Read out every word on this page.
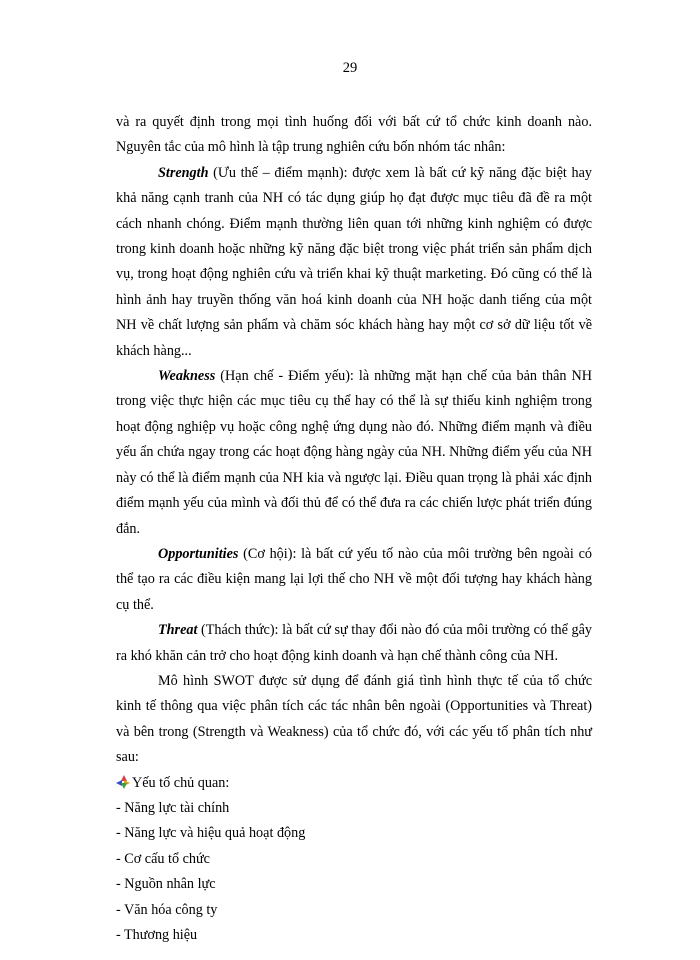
29

và ra quyết định trong mọi tình huống đối với bất cứ tổ chức kinh doanh nào. Nguyên tắc của mô hình là tập trung nghiên cứu bốn nhóm tác nhân:

Strength (Ưu thế – điểm mạnh): được xem là bất cứ kỹ năng đặc biệt hay khả năng cạnh tranh của NH có tác dụng giúp họ đạt được mục tiêu đã đề ra một cách nhanh chóng. Điểm mạnh thường liên quan tới những kinh nghiệm có được trong kinh doanh hoặc những kỹ năng đặc biệt trong việc phát triển sản phẩm dịch vụ, trong hoạt động nghiên cứu và triển khai kỹ thuật marketing. Đó cũng có thể là hình ảnh hay truyền thống văn hoá kinh doanh của NH hoặc danh tiếng của một NH về chất lượng sản phẩm và chăm sóc khách hàng hay một cơ sở dữ liệu tốt về khách hàng...

Weakness (Hạn chế - Điểm yếu): là những mặt hạn chế của bản thân NH trong việc thực hiện các mục tiêu cụ thể hay có thể là sự thiếu kinh nghiệm trong hoạt động nghiệp vụ hoặc công nghệ ứng dụng nào đó. Những điểm mạnh và điều yếu ẩn chứa ngay trong các hoạt động hàng ngày của NH. Những điểm yếu của NH này có thể là điểm mạnh của NH kia và ngược lại. Điều quan trọng là phải xác định điểm mạnh yếu của mình và đối thủ để có thể đưa ra các chiến lược phát triển đúng đắn.

Opportunities (Cơ hội): là bất cứ yếu tố nào của môi trường bên ngoài có thể tạo ra các điều kiện mang lại lợi thế cho NH về một đối tượng hay khách hàng cụ thể.

Threat (Thách thức): là bất cứ sự thay đổi nào đó của môi trường có thể gây ra khó khăn cản trở cho hoạt động kinh doanh và hạn chế thành công của NH.

Mô hình SWOT được sử dụng để đánh giá tình hình thực tế của tổ chức kinh tế thông qua việc phân tích các tác nhân bên ngoài (Opportunities và Threat) và bên trong (Strength và Weakness) của tổ chức đó, với các yếu tố phân tích như sau:

Yếu tố chủ quan:

- Năng lực tài chính
- Năng lực và hiệu quả hoạt động
- Cơ cấu tổ chức
- Nguồn nhân lực
- Văn hóa công ty
- Thương hiệu
